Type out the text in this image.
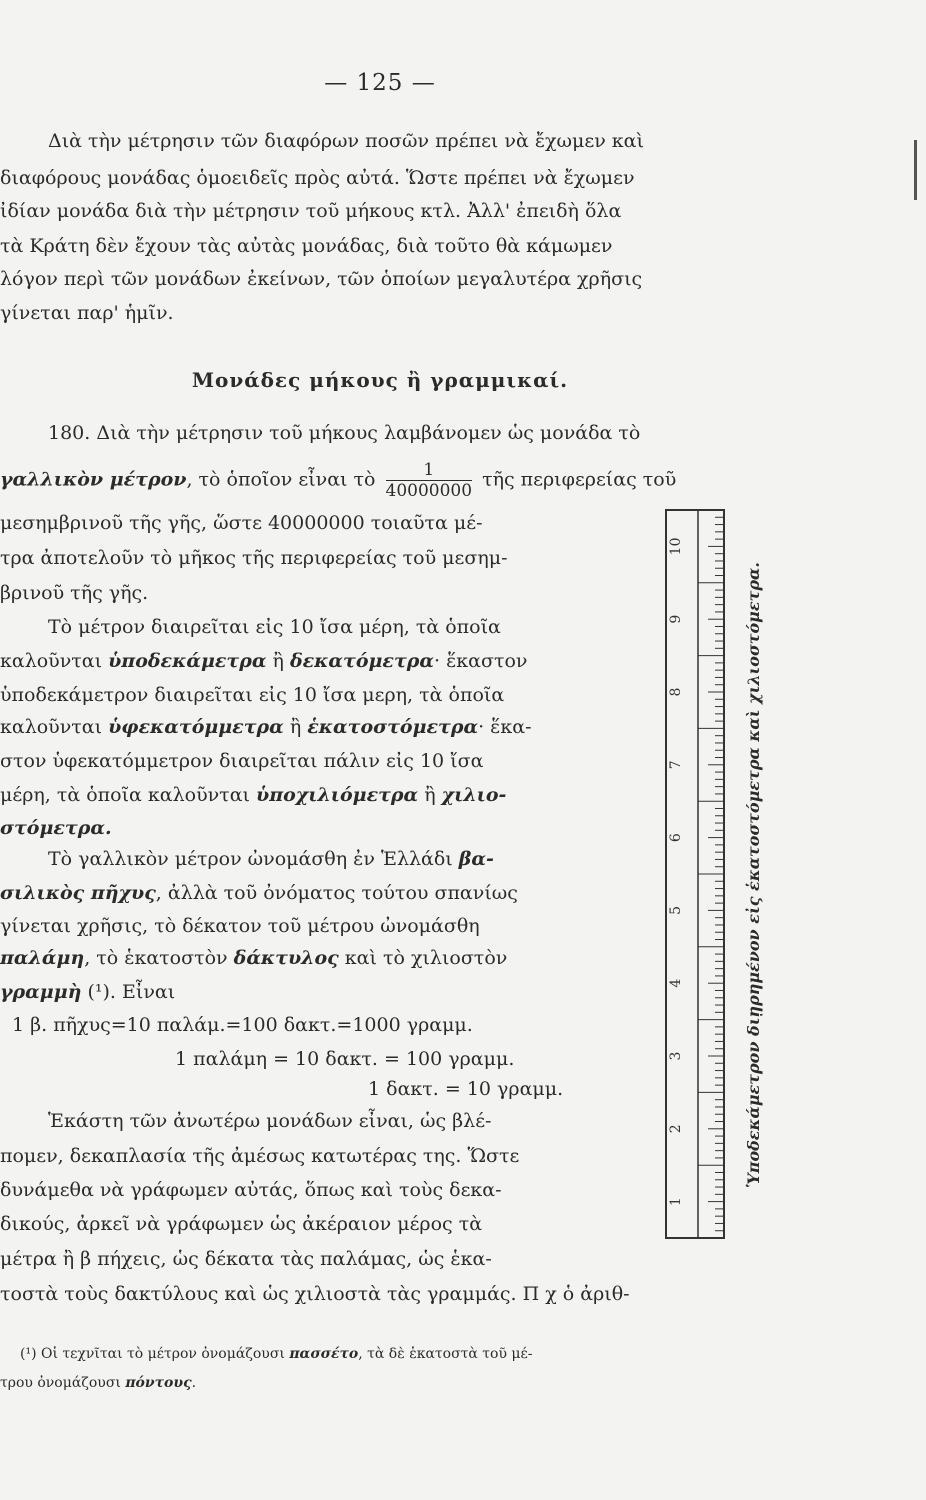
— 125 —
Διὰ τὴν μέτρησιν τῶν διαφόρων ποσῶν πρέπει νὰ ἔχωμεν καὶ
διαφόρους μονάδας ὁμοειδεῖς πρὸς αὐτά. Ὥστε πρέπει νὰ ἔχωμεν
ἰδίαν μονάδα διὰ τὴν μέτρησιν τοῦ μήκους κτλ. Ἀλλ' ἐπειδὴ ὅλα
τὰ Κράτη δὲν ἔχουν τὰς αὐτὰς μονάδας, διὰ τοῦτο θὰ κάμωμεν
λόγον περὶ τῶν μονάδων ἐκείνων, τῶν ὁποίων μεγαλυτέρα χρῆσις
γίνεται παρ' ἡμῖν.
Μονάδες μήκους ἢ γραμμικαί.
180. Διὰ τὴν μέτρησιν τοῦ μήκους λαμβάνομεν ὡς μονάδα τὸ
γαλλικὸν μέτρον, τὸ ὁποῖον εἶναι τὸ $\frac{1}{40000000}$ τῆς περιφερείας τοῦ
μεσημβρινοῦ τῆς γῆς, ὥστε 40000000 τοιαῦτα μέ-
τρα ἀποτελοῦν τὸ μῆκος τῆς περιφερείας τοῦ μεσημ-
βρινοῦ τῆς γῆς.
Τὸ μέτρον διαιρεῖται εἰς 10 ἴσα μέρη, τὰ ὁποῖα
καλοῦνται ὑποδεκάμετρα ἢ δεκατόμετρα· ἕκαστον
ὑποδεκάμετρον διαιρεῖται εἰς 10 ἴσα μερη, τὰ ὁποῖα
καλοῦνται ὑφεκατόμμετρα ἢ ἑκατοστόμετρα· ἕκα-
στον ὑφεκατόμμετρον διαιρεῖται πάλιν εἰς 10 ἴσα
μέρη, τὰ ὁποῖα καλοῦνται ὑποχιλιόμετρα ἢ χιλιο-
στόμετρα.
Τὸ γαλλικὸν μέτρον ὠνομάσθη ἐν Ἑλλάδι βα-
σιλικὸς πῆχυς, ἀλλὰ τοῦ ὀνόματος τούτου σπανίως
γίνεται χρῆσις, τὸ δέκατον τοῦ μέτρου ὠνομάσθη
παλάμη, τὸ ἑκατοστὸν δάκτυλος καὶ τὸ χιλιοστὸν
γραμμὴ (¹). Εἶναι
1 β. πῆχυς=10 παλάμ.=100 δακτ.=1000 γραμμ.
1 παλάμη = 10 δακτ. = 100 γραμμ.
1 δακτ. = 10 γραμμ.
Ἑκάστη τῶν ἀνωτέρω μονάδων εἶναι, ὡς βλέ-
πομεν, δεκαπλασία τῆς ἀμέσως κατωτέρας της. Ὥστε
δυνάμεθα νὰ γράφωμεν αὐτάς, ὅπως καὶ τοὺς δεκα-
δικούς, ἀρκεῖ νὰ γράφωμεν ὡς ἀκέραιον μέρος τὰ
μέτρα ἢ β πήχεις, ὡς δέκατα τὰς παλάμας, ὡς ἑκα-
τοστὰ τοὺς δακτύλους καὶ ὡς χιλιοστὰ τὰς γραμμάς. Π χ ὁ ἀριθ-
1
2
3
4
5
6
7
8
9
10
Ὑποδεκάμετρον διῃρημένον εἰς ἑκατοστόμετρα καὶ χιλιοστόμετρα.
(¹) Οἱ τεχνῖται τὸ μέτρον ὀνομάζουσι πασσέτο, τὰ δὲ ἑκατοστὰ τοῦ μέ-
τρου ὀνομάζουσι πόντους.
